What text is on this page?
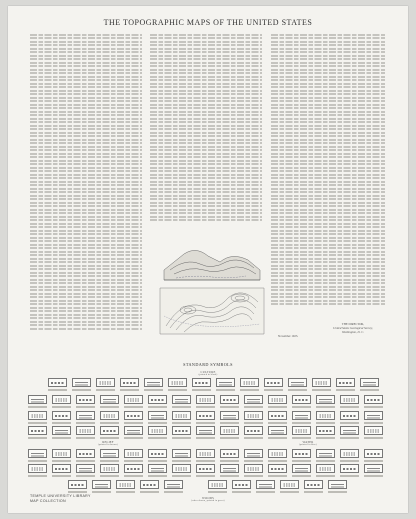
THE TOPOGRAPHIC MAPS OF THE UNITED STATES
THE DIRECTOR,
United States Geological Survey,
Washington, D. C.
November 1923.
STANDARD SYMBOLS
CULTURE
(printed in black)
RELIEF
(printed in brown)
WATER
(printed in blue)
WOODS
(when shown, printed in green)
TEMPLE UNIVERSITY LIBRARY
MAP COLLECTION
